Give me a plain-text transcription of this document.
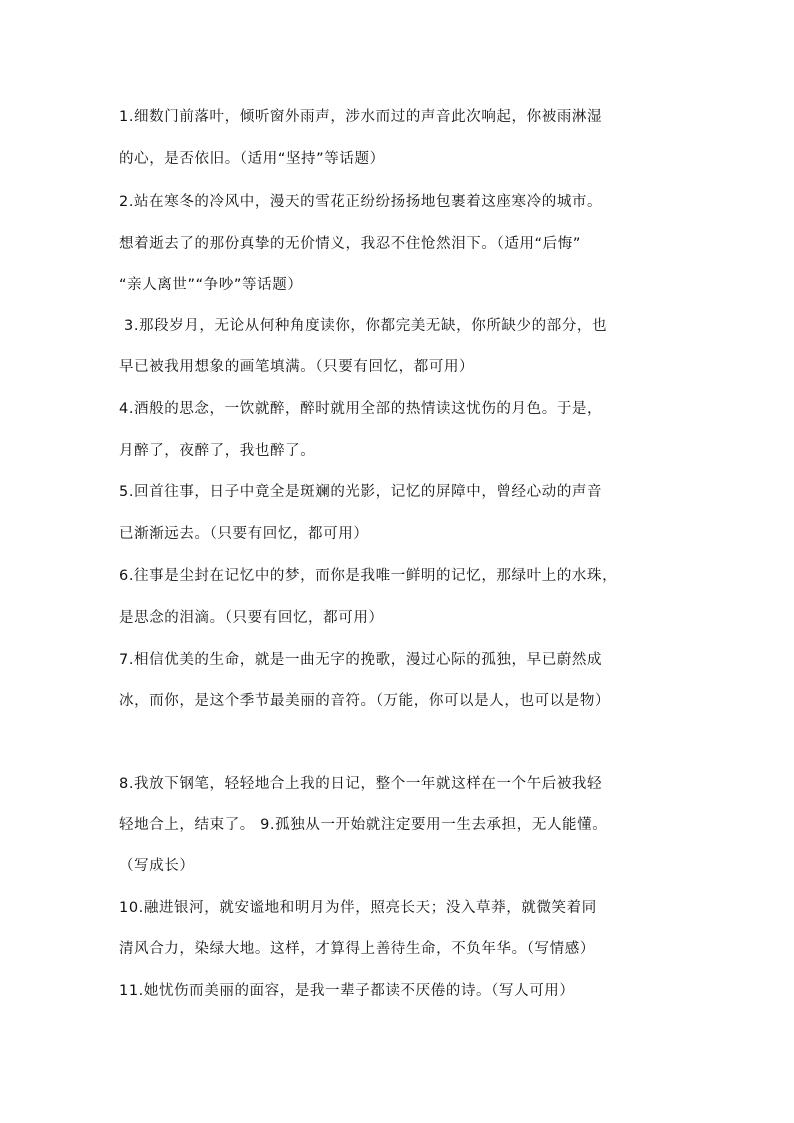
1.细数门前落叶，倾听窗外雨声，涉水而过的声音此次响起，你被雨淋湿
的心，是否依旧。（适用“坚持”等话题）
2.站在寒冬的冷风中，漫天的雪花正纷纷扬扬地包裹着这座寒冷的城市。
想着逝去了的那份真挚的无价情义，我忍不住怆然泪下。（适用“后悔”
“亲人离世”“争吵”等话题）
3.那段岁月，无论从何种角度读你，你都完美无缺，你所缺少的部分，也
早已被我用想象的画笔填满。（只要有回忆，都可用）
4.酒般的思念，一饮就醉，醉时就用全部的热情读这忧伤的月色。于是，
月醉了，夜醉了，我也醉了。
5.回首往事，日子中竟全是斑斓的光影，记忆的屏障中，曾经心动的声音
已渐渐远去。（只要有回忆，都可用）
6.往事是尘封在记忆中的梦，而你是我唯一鲜明的记忆，那绿叶上的水珠，
是思念的泪滴。（只要有回忆，都可用）
7.相信优美的生命，就是一曲无字的挽歌，漫过心际的孤独，早已蔚然成
冰，而你，是这个季节最美丽的音符。（万能，你可以是人，也可以是物）
8.我放下钢笔，轻轻地合上我的日记，整个一年就这样在一个午后被我轻
轻地合上，结束了。 9.孤独从一开始就注定要用一生去承担，无人能懂。
（写成长）
10.融进银河，就安谧地和明月为伴，照亮长天；没入草莽，就微笑着同
清风合力，染绿大地。这样，才算得上善待生命，不负年华。（写情感）
11.她忧伤而美丽的面容，是我一辈子都读不厌倦的诗。（写人可用）
